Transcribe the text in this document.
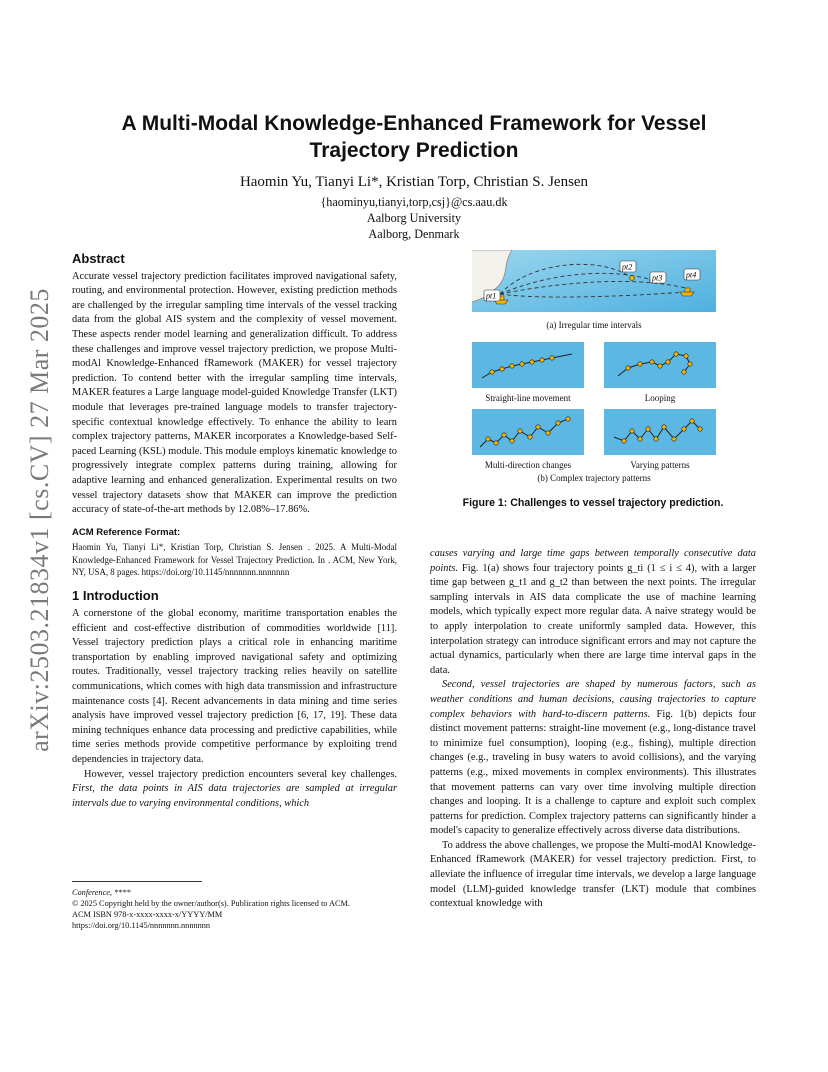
arXiv:2503.21834v1 [cs.CV] 27 Mar 2025
A Multi-Modal Knowledge-Enhanced Framework for Vessel
Trajectory Prediction
Haomin Yu, Tianyi Li*, Kristian Torp, Christian S. Jensen
{haominyu,tianyi,torp,csj}@cs.aau.dk
Aalborg University
Aalborg, Denmark
Abstract

Accurate vessel trajectory prediction facilitates improved navigational safety, routing, and environmental protection. However, existing prediction methods are challenged by the irregular sampling time intervals of the vessel tracking data from the global AIS system and the complexity of vessel movement. These aspects render model learning and generalization difficult. To address these challenges and improve vessel trajectory prediction, we propose Multi-modAl Knowledge-Enhanced fRamework (MAKER) for vessel trajectory prediction. To contend better with the irregular sampling time intervals, MAKER features a Large language model-guided Knowledge Transfer (LKT) module that leverages pre-trained language models to transfer trajectory-specific contextual knowledge effectively. To enhance the ability to learn complex trajectory patterns, MAKER incorporates a Knowledge-based Self-paced Learning (KSL) module. This module employs kinematic knowledge to progressively integrate complex patterns during training, allowing for adaptive learning and enhanced generalization. Experimental results on two vessel trajectory datasets show that MAKER can improve the prediction accuracy of state-of-the-art methods by 12.08%–17.86%.

ACM Reference Format:

Haomin Yu, Tianyi Li*, Kristian Torp, Christian S. Jensen . 2025. A Multi-Modal Knowledge-Enhanced Framework for Vessel Trajectory Prediction. In . ACM, New York, NY, USA, 8 pages. https://doi.org/10.1145/nnnnnnn.nnnnnnn

1 Introduction

A cornerstone of the global economy, maritime transportation enables the efficient and cost-effective distribution of commodities worldwide [11]. Vessel trajectory prediction plays a critical role in enhancing maritime transportation by enabling improved navigational safety and optimizing routes. Traditionally, vessel trajectory tracking relies heavily on satellite communications, which comes with high data transmission and infrastructure maintenance costs [4]. Recent advancements in data mining and time series analysis have improved vessel trajectory prediction [6, 17, 19]. These data mining techniques enhance data processing and predictive capabilities, while time series methods provide competitive performance by exploiting trend dependencies in trajectory data.

However, vessel trajectory prediction encounters several key challenges. First, the data points in AIS data trajectories are sampled at irregular intervals due to varying environmental conditions, which

Conference, ****
© 2025 Copyright held by the owner/author(s). Publication rights licensed to ACM.
ACM ISBN 978-x-xxxx-xxxx-x/YYYY/MM
https://doi.org/10.1145/nnnnnnn.nnnnnnn
pt1
pt2
pt3	pt4
(a) Irregular time intervals
Straight-line movement	Looping
Multi-direction changes	Varying patterns
(b) Complex trajectory patterns
Figure 1: Challenges to vessel trajectory prediction.

causes varying and large time gaps between temporally consecutive data points. Fig. 1(a) shows four trajectory points g_ti (1 ≤ i ≤ 4), with a larger time gap between g_t1 and g_t2 than between the next points. The irregular sampling intervals in AIS data complicate the use of machine learning models, which typically expect more regular data. A naive strategy would be to apply interpolation to create uniformly sampled data. However, this interpolation strategy can introduce significant errors and may not capture the actual dynamics, particularly when there are large time interval gaps in the data.

Second, vessel trajectories are shaped by numerous factors, such as weather conditions and human decisions, causing trajectories to capture complex behaviors with hard-to-discern patterns. Fig. 1(b) depicts four distinct movement patterns: straight-line movement (e.g., long-distance travel to minimize fuel consumption), looping (e.g., fishing), multiple direction changes (e.g., traveling in busy waters to avoid collisions), and the varying patterns (e.g., mixed movements in complex environments). This illustrates that movement patterns can vary over time involving multiple direction changes and looping. It is a challenge to capture and exploit such complex patterns for prediction. Complex trajectory patterns can significantly hinder a model's capacity to generalize effectively across diverse data distributions.

To address the above challenges, we propose the Multi-modAl Knowledge-Enhanced fRamework (MAKER) for vessel trajectory prediction. First, to alleviate the influence of irregular time intervals, we develop a large language model (LLM)-guided knowledge transfer (LKT) module that combines contextual knowledge with
